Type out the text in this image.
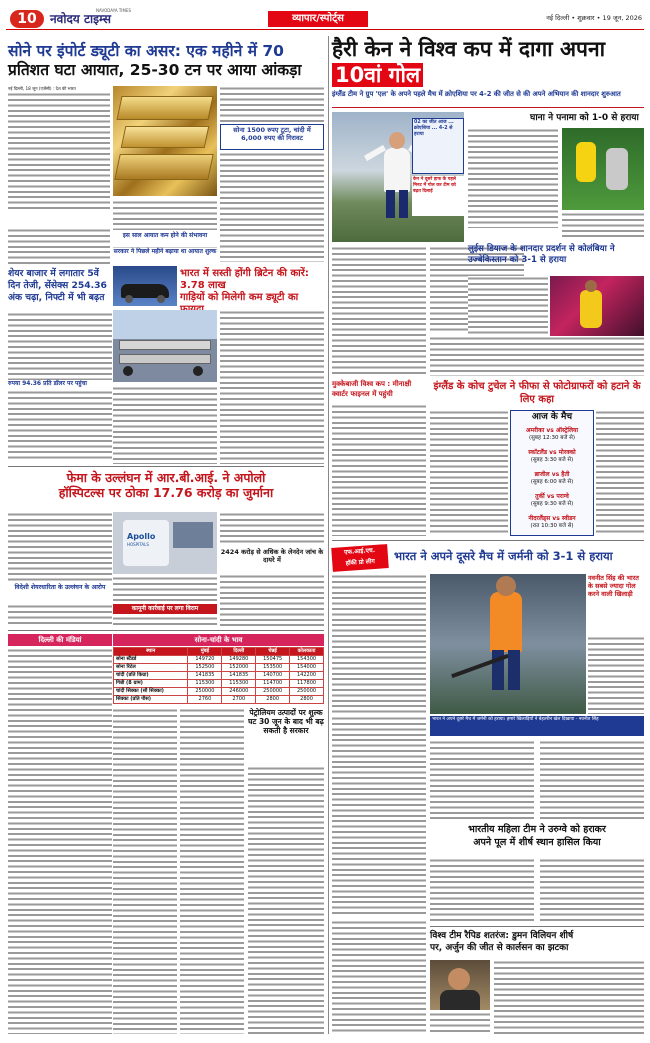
10	नवोदय टाइम्स
NAVODAYA TIMES
व्यापार/स्पोर्ट्स	नई दिल्ली • शुक्रवार • 19 जून, 2026
सोने पर इंपोर्ट ड्यूटी का असर: एक महीने में 70
प्रतिशत घटा आयात, 25-30 टन पर आया आंकड़ा
नई दिल्ली, 18 जून (एजेंसी) : देश की भारत
सोना 1500 रुपए टूटा, चांदी में 6,000 रुपए की गिरावट
इस साल आयात कम होने की संभावना
सरकार ने पिछले महीने बढ़ाया था आयात शुल्क
शेयर बाजार में लगातार 5वें दिन तेजी, सेंसेक्स 254.36 अंक चढ़ा, निफ्टी में भी बढ़त
रुपया 94.36 प्रति डॉलर पर पहुंचा
भारत में सस्ती होंगी ब्रिटेन की कारें: 3.78 लाख
गाड़ियों को मिलेगी कम ड्यूटी का
फेमा के उल्लंघन में आर.बी.आई. ने अपोलो
हॉस्पिटल्स पर ठोका 17.76 करोड़ का जुर्माना
विदेशी शेयरधारिता के उल्लंघन के आरोप
Apollo
HOSPITALS
कानूनी कार्रवाई पर लगा विराम
2424 करोड़ से अधिक के लेनदेन जांच के दायरे में
दिल्ली की मंडियां	सोना-चांदी के भाव
स्थान	मुंबई	दिल्ली	चेन्नई	कोलकाता
सोना स्टैंडर्ड	149720	149280	150475	154300
सोना रिटेल	152500	152000	153500	154000
चांदी (प्रति किग्रा)	141835	141835	140700	142200
गिन्नी (8 ग्राम)	115300	115300	114700	117800
चांदी सिक्का (सौ सिक्का)	250000	246000	250000	250000
सिक्का (प्रति पीस)	2760	2700	2800	2800
पेट्रोलियम उत्पादों पर शुल्क घट 30 जून के बाद भी बढ़ सकती है सरकार
हैरी केन ने विश्व कप में दागा अपना 10वां गोल
इंग्लैंड टीम ने ग्रुप 'एल' के अपने पहले मैच में क्रोएशिया पर 4-2 की जीत से की अपने अभियान की शानदार शुरुआत
02 का जीत आज ... क्रोएशिया ... 4-2 से हराया
केन ने दूसरे हाफ के पहले मिनट में गोल कर टीम को बढ़त दिलाई
घाना ने पनामा को 1-0 से हराया
लुईस डियाज के शानदार प्रदर्शन से कोलंबिया ने उज्बेकिस्तान को 3-1 से हराया
मुक्केबाजी विश्व कप : मीनाक्षी क्वार्टर फाइनल में पहुंची
इंग्लैंड के कोच टुचेल ने फीफा से फोटोग्राफरों को हटाने के लिए कहा
आज के मैच
अमरीका vs ऑस्ट्रेलिया
(सुबह 12:30 बजे से)
स्कॉटलैंड vs मोरक्को
(सुबह 3:30 बजे से)
ब्राजील vs हैती
(सुबह 6:00 बजे से)
तुर्की vs पराग्वे
(सुबह 9:30 बजे से)
नीदरलैंड्स vs स्वीडन
(रात 10:30 बजे से)
एफ.आई.एच.
हॉकी प्रो लीग	भारत ने अपने दूसरे मैच में जर्मनी को 3-1 से हराया
नवनीत सिंह की भारत के सबसे ज्यादा गोल करने वाली खिलाड़ी
भारत ने अपने दूसरे मैच में जर्मनी को हराया। हमारे खिलाड़ियों ने बेहतरीन खेल दिखाया - नवनीत सिंह
भारतीय महिला टीम ने उरुग्वे को हराकर
अपने पूल में शीर्ष स्थान हासिल किया
विश्व टीम रैपिड शतरंज: डुमन विलियन शीर्ष
पर, अर्जुन की जीत से कार्लसन का झटका
